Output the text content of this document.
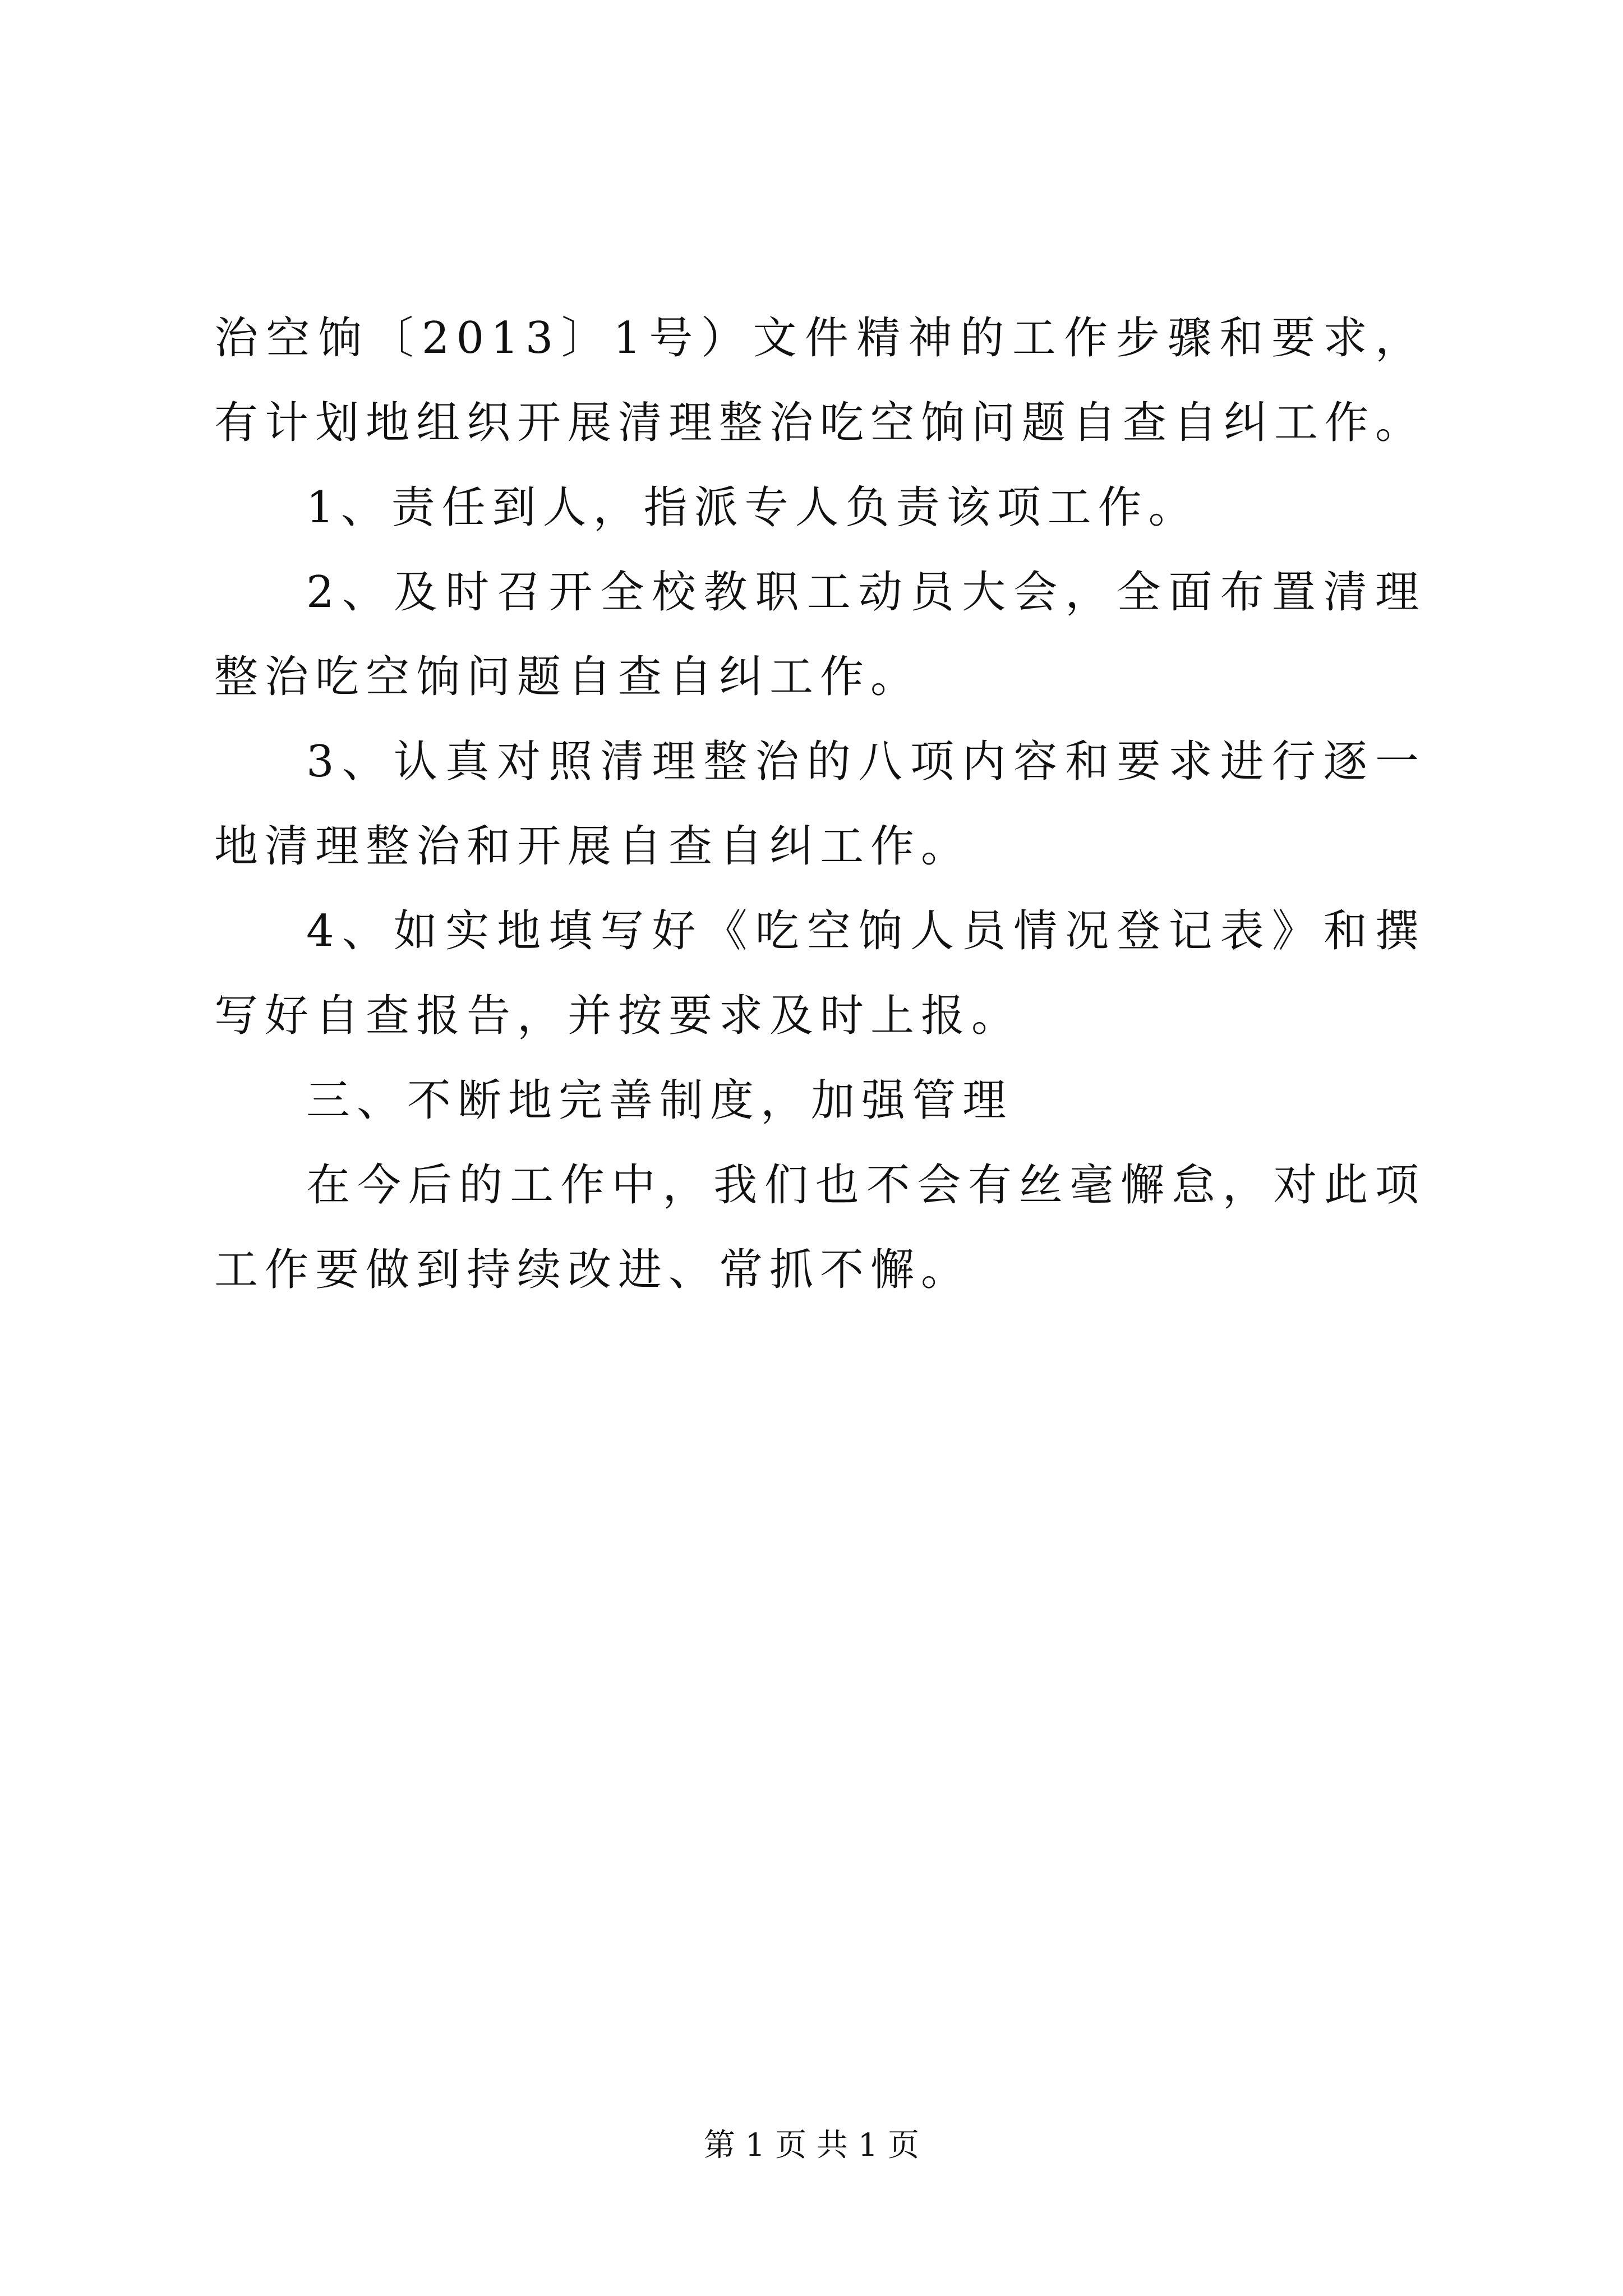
治空饷〔2013〕1号）文件精神的工作步骤和要求，有计划地组织开展清理整治吃空饷问题自查自纠工作。

1、责任到人，指派专人负责该项工作。

2、及时召开全校教职工动员大会，全面布置清理整治吃空饷问题自查自纠工作。

3、认真对照清理整治的八项内容和要求进行逐一地清理整治和开展自查自纠工作。

4、如实地填写好《吃空饷人员情况登记表》和撰写好自查报告，并按要求及时上报。

三、不断地完善制度，加强管理

在今后的工作中，我们也不会有丝毫懈怠，对此项工作要做到持续改进、常抓不懈。

第 1 页 共 1 页
